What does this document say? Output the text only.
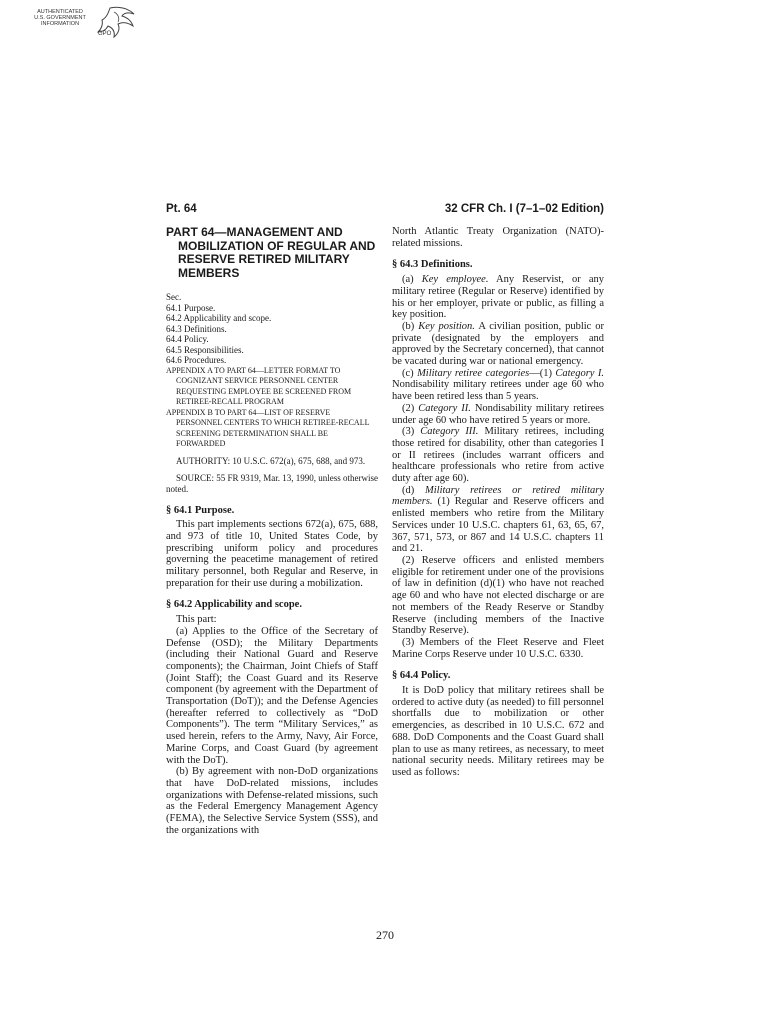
AUTHENTICATED
U.S. GOVERNMENT
INFORMATION
GPO
Pt. 64	32 CFR Ch. I (7–1–02 Edition)
PART 64—MANAGEMENT AND MOBILIZATION OF REGULAR AND RESERVE RETIRED MILITARY MEMBERS
Sec.
64.1 Purpose.
64.2 Applicability and scope.
64.3 Definitions.
64.4 Policy.
64.5 Responsibilities.
64.6 Procedures.
APPENDIX A TO PART 64—LETTER FORMAT TO COGNIZANT SERVICE PERSONNEL CENTER REQUESTING EMPLOYEE BE SCREENED FROM RETIREE-RECALL PROGRAM
APPENDIX B TO PART 64—LIST OF RESERVE PERSONNEL CENTERS TO WHICH RETIREE-RECALL SCREENING DETERMINATION SHALL BE FORWARDED

AUTHORITY: 10 U.S.C. 672(a), 675, 688, and 973.

SOURCE: 55 FR 9319, Mar. 13, 1990, unless otherwise noted.

§ 64.1 Purpose.

This part implements sections 672(a), 675, 688, and 973 of title 10, United States Code, by prescribing uniform policy and procedures governing the peacetime management of retired military personnel, both Regular and Reserve, in preparation for their use during a mobilization.

§ 64.2 Applicability and scope.

This part:

(a) Applies to the Office of the Secretary of Defense (OSD); the Military Departments (including their National Guard and Reserve components); the Chairman, Joint Chiefs of Staff (Joint Staff); the Coast Guard and its Reserve component (by agreement with the Department of Transportation (DoT)); and the Defense Agencies (hereafter referred to collectively as “DoD Components”). The term “Military Services,” as used herein, refers to the Army, Navy, Air Force, Marine Corps, and Coast Guard (by agreement with the DoT).

(b) By agreement with non-DoD organizations that have DoD-related missions, includes organizations with Defense-related missions, such as the Federal Emergency Management Agency (FEMA), the Selective Service System (SSS), and the organizations with

North Atlantic Treaty Organization (NATO)-related missions.

§ 64.3 Definitions.

(a) Key employee. Any Reservist, or any military retiree (Regular or Reserve) identified by his or her employer, private or public, as filling a key position.

(b) Key position. A civilian position, public or private (designated by the employers and approved by the Secretary concerned), that cannot be vacated during war or national emergency.

(c) Military retiree categories—(1) Category I. Nondisability military retirees under age 60 who have been retired less than 5 years.

(2) Category II. Nondisability military retirees under age 60 who have retired 5 years or more.

(3) Category III. Military retirees, including those retired for disability, other than categories I or II retirees (includes warrant officers and healthcare professionals who retire from active duty after age 60).

(d) Military retirees or retired military members. (1) Regular and Reserve officers and enlisted members who retire from the Military Services under 10 U.S.C. chapters 61, 63, 65, 67, 367, 571, 573, or 867 and 14 U.S.C. chapters 11 and 21.

(2) Reserve officers and enlisted members eligible for retirement under one of the provisions of law in definition (d)(1) who have not reached age 60 and who have not elected discharge or are not members of the Ready Reserve or Standby Reserve (including members of the Inactive Standby Reserve).

(3) Members of the Fleet Reserve and Fleet Marine Corps Reserve under 10 U.S.C. 6330.

§ 64.4 Policy.

It is DoD policy that military retirees shall be ordered to active duty (as needed) to fill personnel shortfalls due to mobilization or other emergencies, as described in 10 U.S.C. 672 and 688. DoD Components and the Coast Guard shall plan to use as many retirees, as necessary, to meet national security needs. Military retirees may be used as follows:

270
